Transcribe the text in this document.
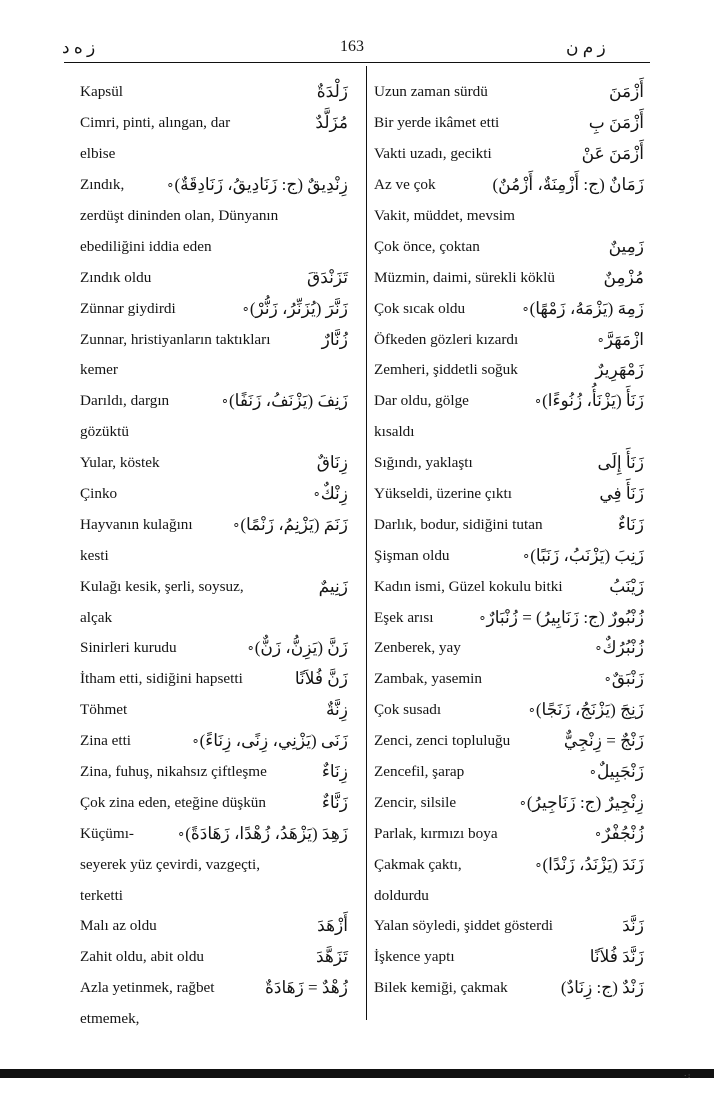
ز ه د	163	ز م ن
Kapsül	زَلْدَةٌ
Cimri, pinti, alıngan, dar	مُزَلَّدٌ
elbise
Zındık,	زِنْدِيقٌ (ج: زَنَادِيقُ، زَنَادِقَةٌ)
∘
zerdüşt dininden olan, Dünyanın
ebediliğini iddia eden
Zındık oldu	تَزَنْدَقَ
Zünnar giydirdi	زَنَّرَ (يُزَنِّرُ، زَنُّرْ)
∘
Zunnar, hristiyanların taktıkları	زُنَّارٌ
kemer
Darıldı, dargın	زَنِفَ (يَزْنَفُ، زَنَفًا)
∘
gözüktü
Yular, köstek	زِنَاقٌ
Çinko	زِنْكٌ
∘
Hayvanın kulağını	زَنَمَ (يَزْنِمُ، زَنْمًا)
∘
kesti
Kulağı kesik, şerli, soysuz,	زَنِيمٌ
alçak
Sinirleri kurudu	زَنَّ (يَزِنُّ، زَنٌّ)
∘
İtham etti, sidiğini hapsetti	زَنَّ فُلاَنًا
Töhmet	زِنَّةٌ
Zina etti	زَنَى (يَزْنِي، زِنًى، زِنَاءً)
∘
Zina, fuhuş, nikahsız çiftleşme	زِنَاءٌ
Çok zina eden, eteğine düşkün	زَنَّاءٌ
Küçümı-	زَهِدَ (يَزْهَدُ، زُهْدًا، زَهَادَةً)
∘
seyerek yüz çevirdi, vazgeçti,
terketti
Malı az oldu	أَزْهَدَ
Zahit oldu, abit oldu	تَزَهَّدَ
Azla yetinmek, rağbet	زُهْدٌ = زَهَادَةٌ
etmemek,
Uzun zaman sürdü	أَزْمَنَ
Bir yerde ikâmet etti	أَزْمَنَ بِ
Vakti uzadı, gecikti	أَزْمَنَ عَنْ
Az ve çok	زَمَانٌ (ج: أَزْمِنَةٌ، أَزْمُنٌ)
Vakit, müddet, mevsim
Çok önce, çoktan	زَمِينٌ
Müzmin, daimi, sürekli köklü	مُزْمِنٌ
Çok sıcak oldu	زَمِهَ (يَزْمَهُ، زَمْهًا)
∘
Öfkeden gözleri kızardı	ازْمَهَرَّ
∘
Zemheri, şiddetli soğuk	زَمْهَرِيرٌ
Dar oldu, gölge	زَنَأَ (يَزْنَأُ، زُنُوءًا)
∘
kısaldı
Sığındı, yaklaştı	زَنَأَ إِلَى
Yükseldi, üzerine çıktı	زَنَأَ فِي
Darlık, bodur, sidiğini tutan	زَنَاءٌ
Şişman oldu	زَنِبَ (يَزْنَبُ، زَنَبًا)
∘
Kadın ismi, Güzel kokulu bitki	زَيْنَبُ
Eşek arısı	زُنْبُورٌ (ج: زَنَابِيرُ) = زُنْبَارٌ
∘
Zenberek, yay	زُنْبُرُكٌ
∘
Zambak, yasemin	زَنْبَقٌ
∘
Çok susadı	زَنِجَ (يَزْنَجُ، زَنَجًا)
∘
Zenci, zenci topluluğu	زَنْجٌ = زِنْجِيٌّ
Zencefil, şarap	زَنْجَبِيلٌ
∘
Zencir, silsile	زِنْجِيرٌ (ج: زَنَاجِيرُ)
∘
Parlak, kırmızı boya	زُنْجُفْرٌ
∘
Çakmak çaktı,	زَنَدَ (يَزْنَدُ، زَنْدًا)
∘
doldurdu
Yalan söyledi, şiddet gösterdi	زَنَّدَ
İşkence yaptı	زَنَّدَ فُلاَنًا
Bilek kemiği, çakmak	زَنْدٌ (ج: زِنَادٌ)
· :
